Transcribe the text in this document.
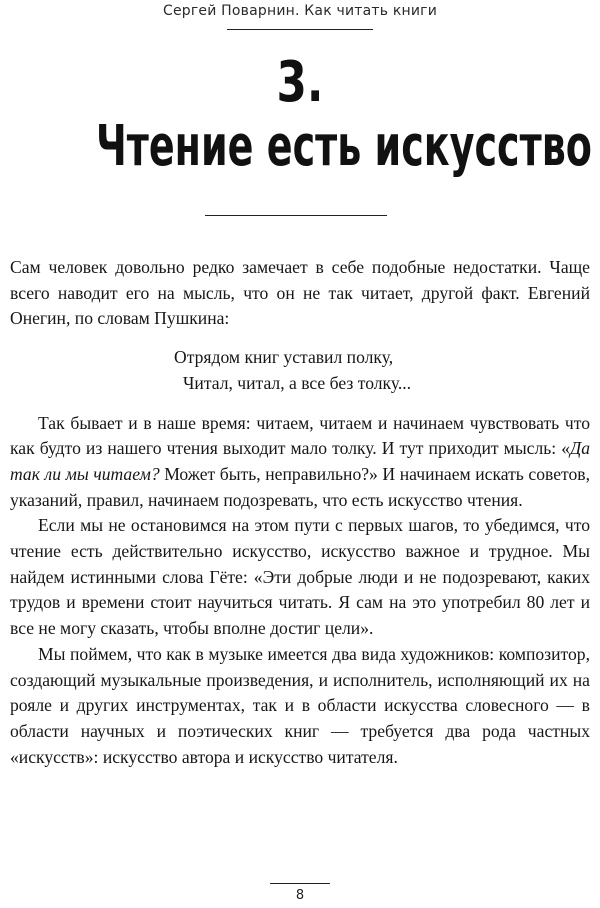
Сергей Поварнин. Как читать книги
3.
Чтение есть искусство

Сам человек довольно редко замечает в себе подобные недостатки. Чаще всего наводит его на мысль, что он не так читает, другой факт. Евгений Онегин, по словам Пушкина:

Отрядом книг уставил полку,
Читал, читал, а все без толку...

Так бывает и в наше время: читаем, читаем и начинаем чувствовать что как будто из нашего чтения выходит мало толку. И тут приходит мысль: «Да так ли мы читаем? Может быть, неправильно?» И начинаем искать советов, указаний, правил, начинаем подозревать, что есть искусство чтения.

Если мы не остановимся на этом пути с первых шагов, то убедимся, что чтение есть действительно искусство, искусство важное и трудное. Мы найдем истинными слова Гёте: «Эти добрые люди и не подозревают, каких трудов и времени стоит научиться читать. Я сам на это употребил 80 лет и все не могу сказать, чтобы вполне достиг цели».

Мы поймем, что как в музыке имеется два вида художников: композитор, создающий музыкальные произведения, и исполнитель, исполняющий их на рояле и других инструментах, так и в области искусства словесного — в области научных и поэтических книг — требуется два рода частных «искусств»: искусство автора и искусство читателя.

8
